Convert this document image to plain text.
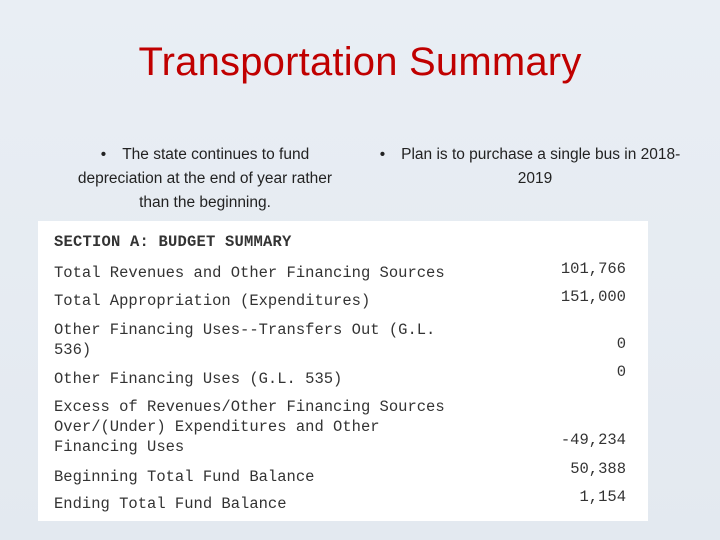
Transportation Summary
• The state continues to fund
depreciation at the end of year rather
than the beginning.
• Plan is to purchase a single bus in 2018-
2019
SECTION A: BUDGET SUMMARY
Total Revenues and Other Financing Sources	101,766
Total Appropriation (Expenditures)	151,000
Other Financing Uses--Transfers Out (G.L.
536)	0
Other Financing Uses (G.L. 535)	0
Excess of Revenues/Other Financing Sources
Over/(Under) Expenditures and Other
Financing Uses	-49,234
Beginning Total Fund Balance	50,388
Ending Total Fund Balance	1,154
